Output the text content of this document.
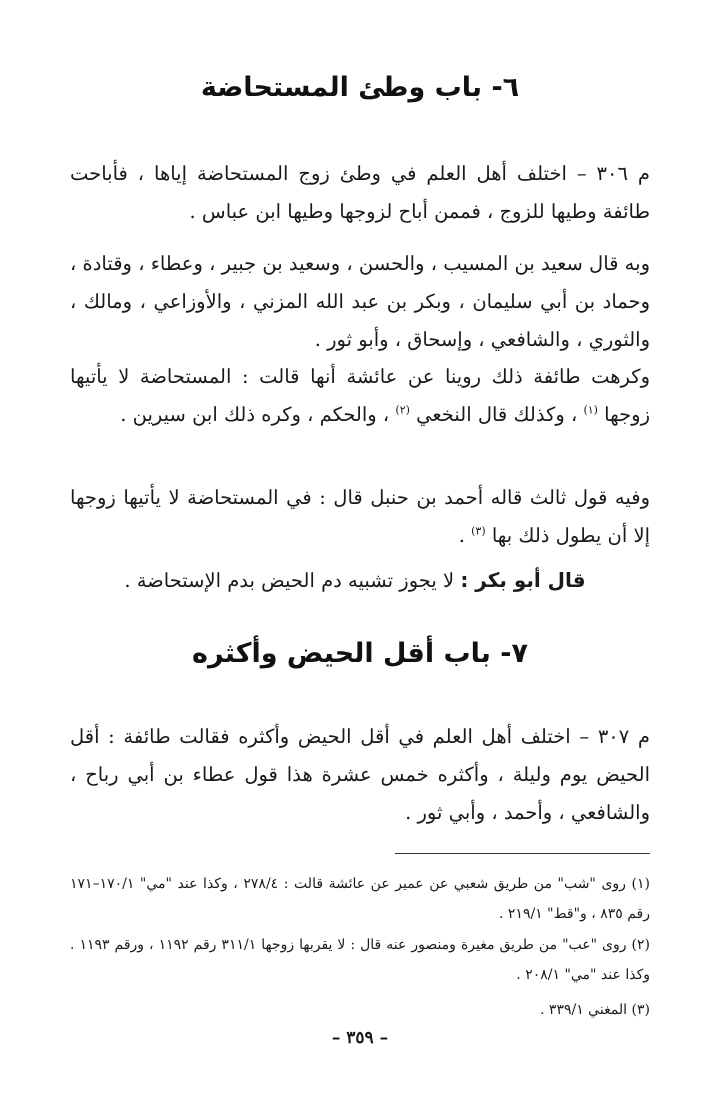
٦- باب وطئ المستحاضة

م ٣٠٦ – اختلف أهل العلم في وطئ زوج المستحاضة إياها ، فأباحت طائفة وطيها للزوج ، فممن أباح لزوجها وطيها ابن عباس .

وبه قال سعيد بن المسيب ، والحسن ، وسعيد بن جبير ، وعطاء ، وقتادة ، وحماد بن أبي سليمان ، وبكر بن عبد الله المزني ، والأوزاعي ، ومالك ، والثوري ، والشافعي ، وإسحاق ، وأبو ثور .

وكرهت طائفة ذلك روينا عن عائشة أنها قالت : المستحاضة لا يأتيها زوجها $^{(١)}$ ، وكذلك قال النخعي $^{(٢)}$ ، والحكم ، وكره ذلك ابن سيرين .

وفيه قول ثالث قاله أحمد بن حنبل قال : في المستحاضة لا يأتيها زوجها إلا أن يطول ذلك بها $^{(٣)}$ .

قال أبو بكر : لا يجوز تشبيه دم الحيض بدم الإستحاضة .

٧- باب أقل الحيض وأكثره

م ٣٠٧ – اختلف أهل العلم في أقل الحيض وأكثره فقالت طائفة : أقل الحيض يوم وليلة ، وأكثره خمس عشرة هذا قول عطاء بن أبي رباح ، والشافعي ، وأحمد ، وأبي ثور .

(١) روى "شب" من طريق شعبي عن عمير عن عائشة قالت : ٢٧٨/٤ ، وكذا عند "مي" ١٧٠/١–١٧١ رقم ٨٣٥ ، و"قط" ٢١٩/١ .

(٢) روى "عب" من طريق مغيرة ومنصور عنه قال : لا يقربها زوجها ٣١١/١ رقم ١١٩٢ ، ورقم ١١٩٣ . وكذا عند "مي" ٢٠٨/١ .

(٣) المغني ٣٣٩/١ .

– ٣٥٩ –
